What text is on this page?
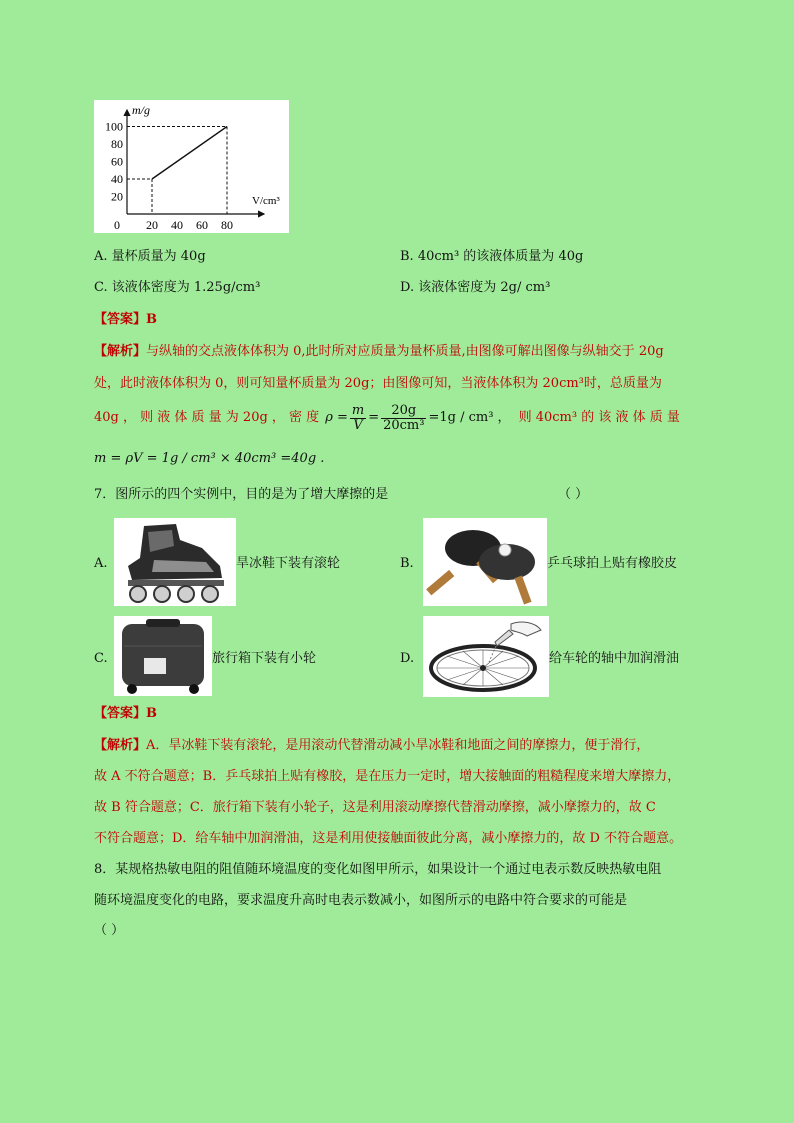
m/g
V/cm³
100
80
60
40
20
0 20 40 60 80
A. 量杯质量为 40g	B. 40cm³ 的该液体质量为 40g
C. 该液体密度为 1.25g/cm³	D. 该液体密度为 2g/ cm³
【答案】B
【解析】与纵轴的交点液体体积为 0,此时所对应质量为量杯质量,由图像可解出图像与纵轴交于 20g
处，此时液体体积为 0，则可知量杯质量为 20g；由图像可知，当液体体积为 20cm³时，总质量为
40g ， 则 液 体 质 量 为 20g ， 密 度 $\rho = \frac{m}{V} = \frac{20g}{\text{20cm³}} =1g / cm^3$ ， 则 40cm³ 的 该 液 体 质 量
m = ρV = 1g / cm³ × 40cm³ =40g .
7．图所示的四个实例中，目的是为了增大摩擦的是	（ ）
A.	旱冰鞋下装有滚轮	B.	乒乓球拍上贴有橡胶皮
C.	旅行箱下装有小轮	D.	给车轮的轴中加润滑油
【答案】B
【解析】A．旱冰鞋下装有滚轮，是用滚动代替滑动减小旱冰鞋和地面之间的摩擦力，便于滑行，
故 A 不符合题意；B．乒乓球拍上贴有橡胶，是在压力一定时，增大接触面的粗糙程度来增大摩擦力，
故 B 符合题意；C．旅行箱下装有小轮子，这是利用滚动摩擦代替滑动摩擦，减小摩擦力的，故 C
不符合题意；D．给车轴中加润滑油，这是利用使接触面彼此分离，减小摩擦力的，故 D 不符合题意。
8．某规格热敏电阻的阻值随环境温度的变化如图甲所示，如果设计一个通过电表示数反映热敏电阻
随环境温度变化的电路，要求温度升高时电表示数减小，如图所示的电路中符合要求的可能是
（ ）
